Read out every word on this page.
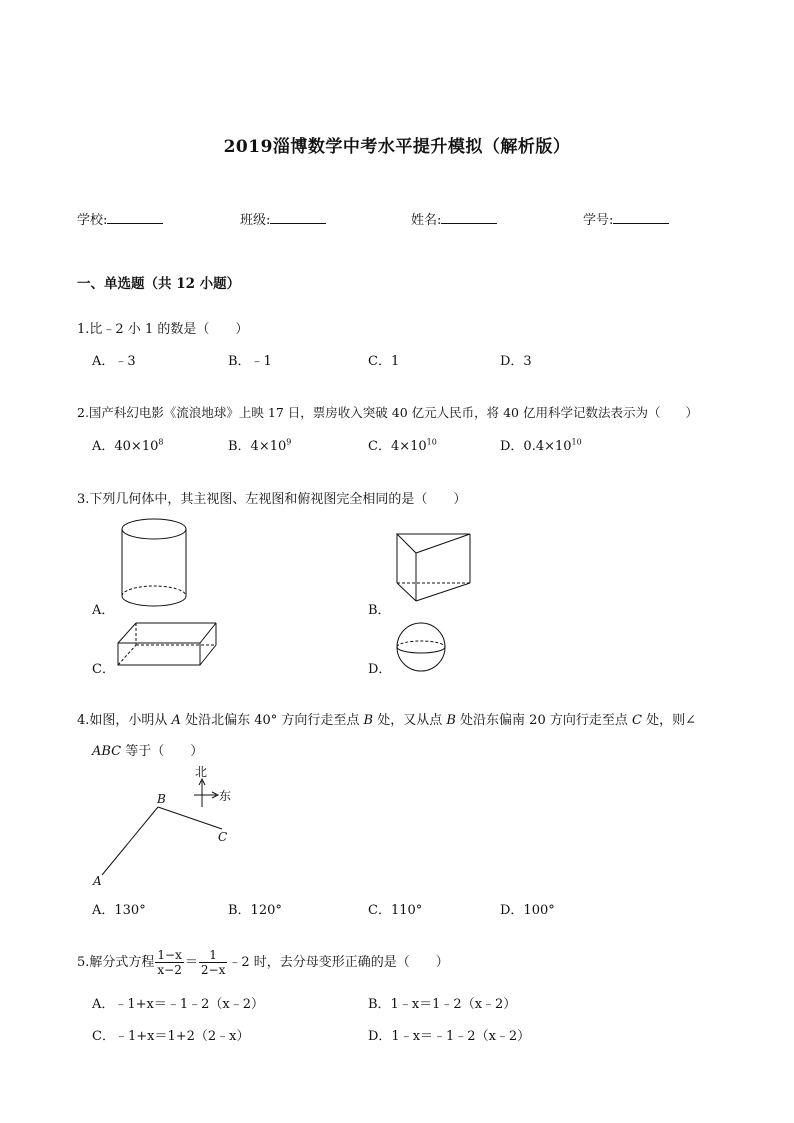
2019淄博数学中考水平提升模拟（解析版）
学校:	班级:	姓名:	学号:
一、单选题（共 12 小题）
1.比﹣2 小 1 的数是（　　）
A．﹣3	B．﹣1	C．1	D．3
2.国产科幻电影《流浪地球》上映 17 日，票房收入突破 40 亿元人民币，将 40 亿用科学记数法表示为（　　）
A．$40\times 10^8$	B．$4\times 10^9$	C．$4\times 10^{10}$	D．$0.4\times 10^{10}$
3.下列几何体中，其主视图、左视图和俯视图完全相同的是（　　）
A．	B．
C．	D．
4.如图，小明从 A 处沿北偏东 40° 方向行走至点 B 处，又从点 B 处沿东偏南 20 方向行走至点 C 处，则∠
ABC 等于（　　）
北
东
A
B
C
A．130°	B．120°	C．110°	D．100°
5.解分式方程 $\frac{1-x}{x-2} = \frac{1}{2-x}$ ﹣2 时，去分母变形正确的是（　　）
A．﹣1+x＝﹣1﹣2（x﹣2）	B．1﹣x＝1﹣2（x﹣2）
C．﹣1+x＝1+2（2﹣x）	D．1﹣x＝﹣1﹣2（x﹣2）
